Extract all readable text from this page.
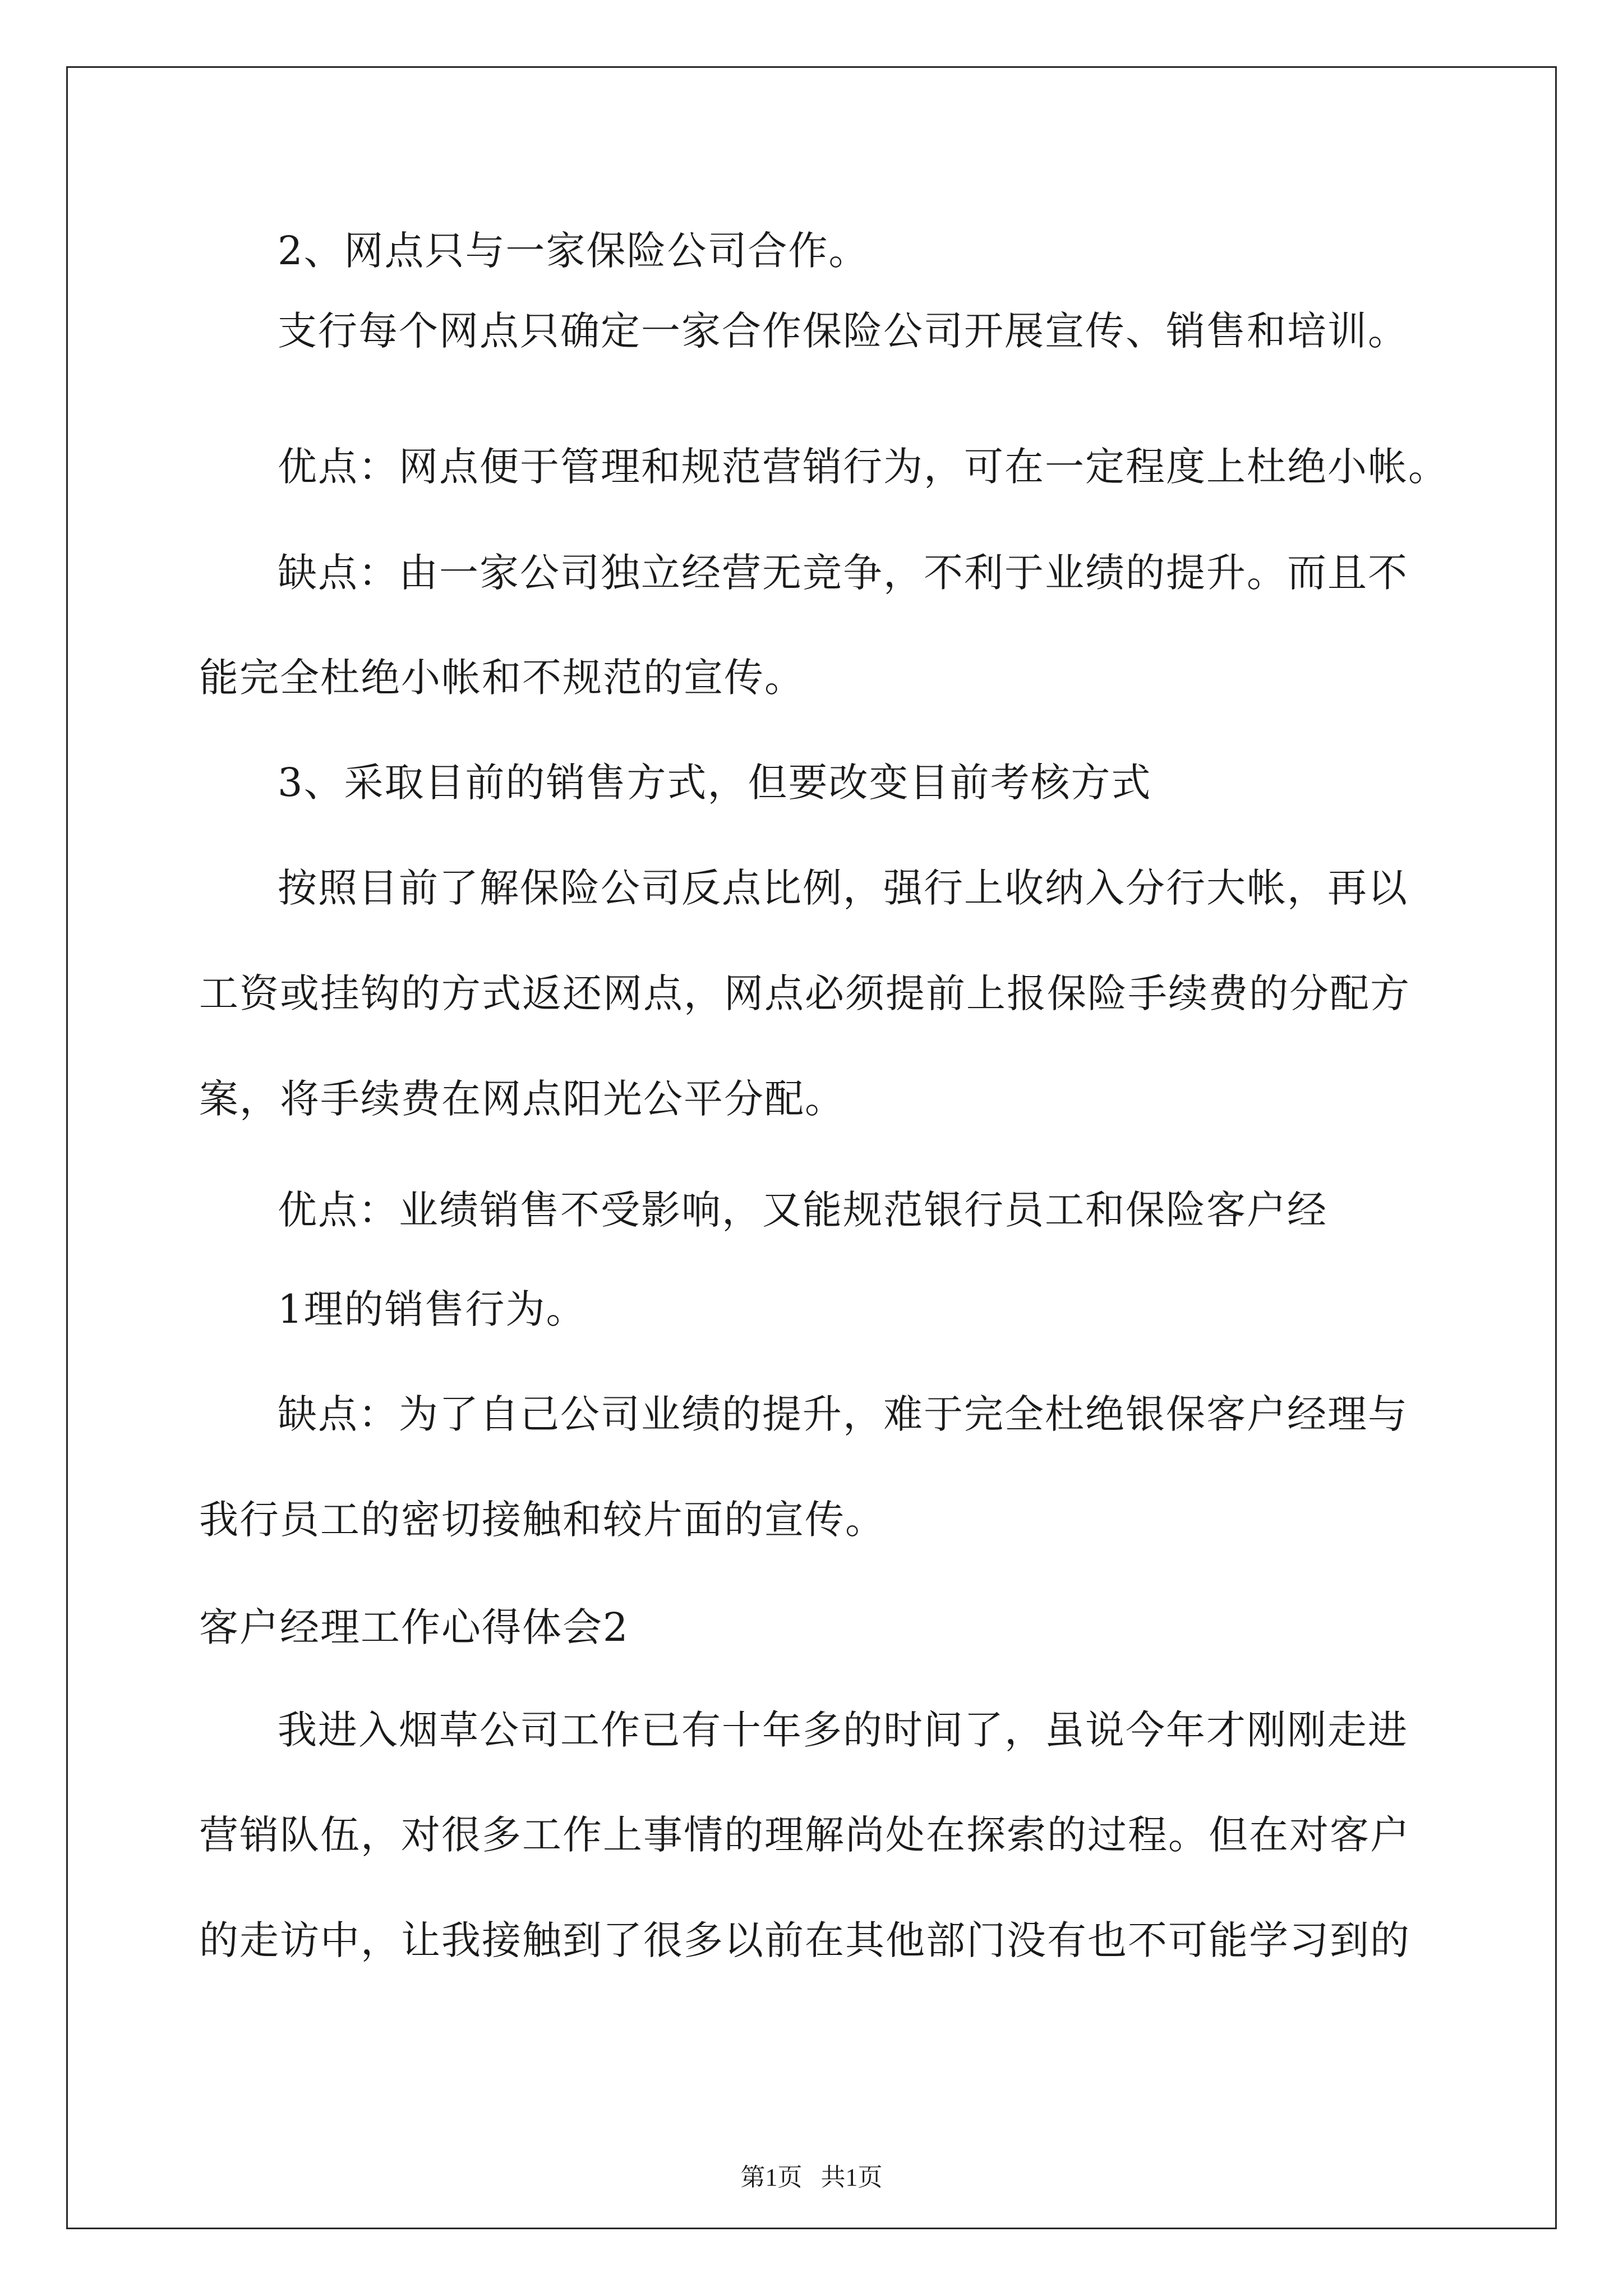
2、网点只与一家保险公司合作。
支行每个网点只确定一家合作保险公司开展宣传、销售和培训。
优点：网点便于管理和规范营销行为，可在一定程度上杜绝小帐。
缺点：由一家公司独立经营无竞争，不利于业绩的提升。而且不
能完全杜绝小帐和不规范的宣传。
3、采取目前的销售方式，但要改变目前考核方式
按照目前了解保险公司反点比例，强行上收纳入分行大帐，再以
工资或挂钩的方式返还网点，网点必须提前上报保险手续费的分配方
案，将手续费在网点阳光公平分配。
优点：业绩销售不受影响，又能规范银行员工和保险客户经
1理的销售行为。
缺点：为了自己公司业绩的提升，难于完全杜绝银保客户经理与
我行员工的密切接触和较片面的宣传。
客户经理工作心得体会2
我进入烟草公司工作已有十年多的时间了，虽说今年才刚刚走进
营销队伍，对很多工作上事情的理解尚处在探索的过程。但在对客户
的走访中，让我接触到了很多以前在其他部门没有也不可能学习到的
第1页   共1页
